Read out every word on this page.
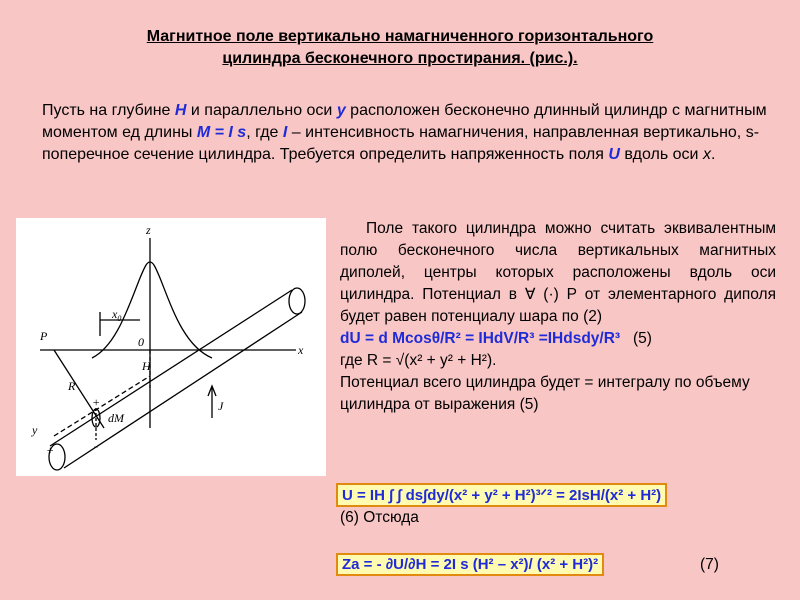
Магнитное поле вертикально намагниченного горизонтального
цилиндра бесконечного простирания. (рис.).
Пусть на глубине H и параллельно оси y расположен бесконечно длинный цилиндр с магнитным моментом ед длины M = I s, где I – интенсивность намагничения, направленная вертикально, s- поперечное сечение цилиндра. Требуется определить напряженность поля U вдоль оси x.
z
$x_0$
P	0
x
R
H
J
y
dM
+
+	-

Поле такого цилиндра можно считать эквивалентным полю бесконечного числа вертикальных магнитных диполей, центры которых расположены вдоль оси цилиндра. Потенциал в ∀ (·) Р от элементарного диполя будет равен потенциалу шара по (2)

dU = d Mcosθ/R² = IHdV/R³ =IHdsdy/R³ (5)

где R = √(x² + y² + H²).

Потенциал всего цилиндра будет = интегралу по объему цилиндра от выражения (5)

U = IH ∫ ∫ ds∫dy/(x² + y² + H²)³ᐟ² = 2IsH/(x² + H²)
(6) Отсюда
Za = - ∂U/∂H = 2I s (H² – x²)/ (x² + H²)²	(7)
